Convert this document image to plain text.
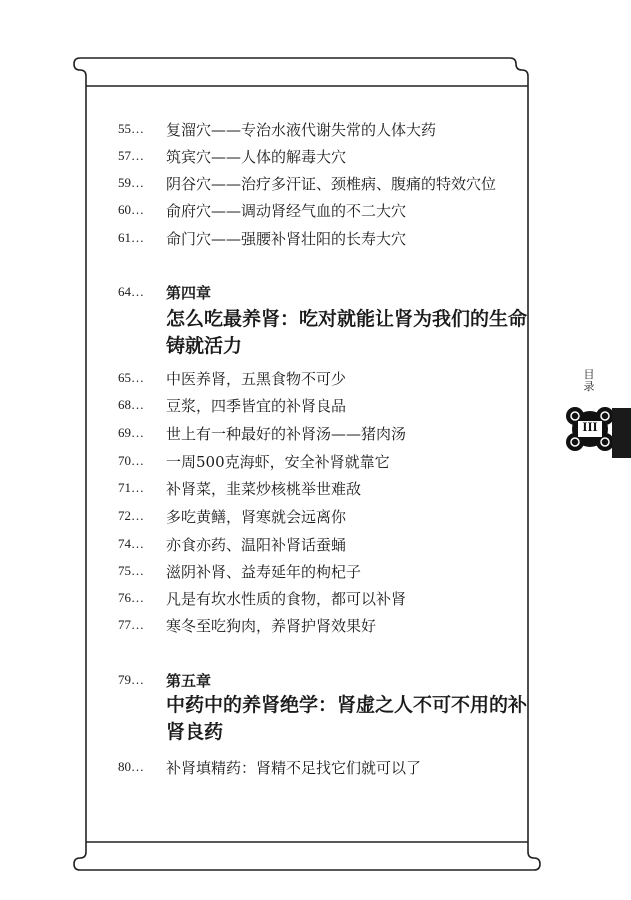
目录
III
55…	复溜穴——专治水液代谢失常的人体大药
57…	筑宾穴——人体的解毒大穴
59…	阴谷穴——治疗多汗证、颈椎病、腹痛的特效穴位
60…	俞府穴——调动肾经气血的不二大穴
61…	命门穴——强腰补肾壮阳的长寿大穴
64…	第四章
怎么吃最养肾：吃对就能让肾为我们的生命
铸就活力
65…	中医养肾，五黑食物不可少
68…	豆浆，四季皆宜的补肾良品
69…	世上有一种最好的补肾汤——猪肉汤
70…	一周500克海虾，安全补肾就靠它
71…	补肾菜，韭菜炒核桃举世难敌
72…	多吃黄鳝，肾寒就会远离你
74…	亦食亦药、温阳补肾话蚕蛹
75…	滋阴补肾、益寿延年的枸杞子
76…	凡是有坎水性质的食物，都可以补肾
77…	寒冬至吃狗肉，养肾护肾效果好
79…	第五章
中药中的养肾绝学：肾虚之人不可不用的补
肾良药
80…	补肾填精药：肾精不足找它们就可以了
